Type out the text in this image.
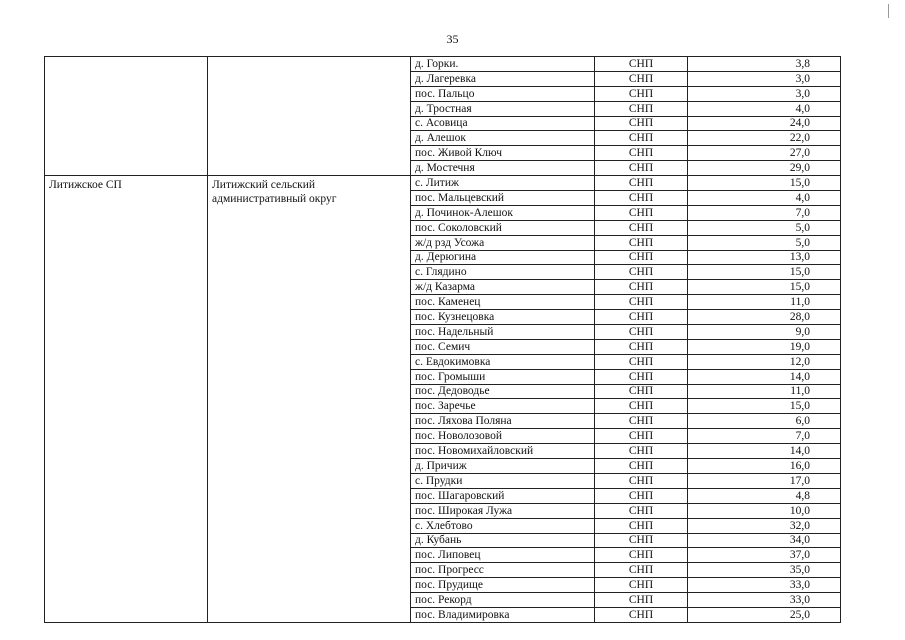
35
		д. Горки.	СНП	3,8
		д. Лагеревка	СНП	3,0
		пос. Пальцо	СНП	3,0
		д. Тростная	СНП	4,0
		с. Асовица	СНП	24,0
		д. Алешок	СНП	22,0
		пос. Живой Ключ	СНП	27,0
		д. Мостечня	СНП	29,0
Литижское СП	Литижский сельский административный округ	с. Литиж	СНП	15,0
		пос. Мальцевский	СНП	4,0
		д. Починок-Алешок	СНП	7,0
		пос. Соколовский	СНП	5,0
		ж/д рзд Усожа	СНП	5,0
		д. Дерюгина	СНП	13,0
		с. Глядино	СНП	15,0
		ж/д Казарма	СНП	15,0
		пос. Каменец	СНП	11,0
		пос. Кузнецовка	СНП	28,0
		пос. Надельный	СНП	9,0
		пос. Семич	СНП	19,0
		с. Евдокимовка	СНП	12,0
		пос. Громыши	СНП	14,0
		пос. Дедоводье	СНП	11,0
		пос. Заречье	СНП	15,0
		пос. Ляхова Поляна	СНП	6,0
		пос. Новолозовой	СНП	7,0
		пос. Новомихайловский	СНП	14,0
		д. Причиж	СНП	16,0
		с. Прудки	СНП	17,0
		пос. Шагаровский	СНП	4,8
		пос. Широкая Лужа	СНП	10,0
		с. Хлебтово	СНП	32,0
		д. Кубань	СНП	34,0
		пос. Липовец	СНП	37,0
		пос. Прогресс	СНП	35,0
		пос. Прудище	СНП	33,0
		пос. Рекорд	СНП	33,0
		пос. Владимировка	СНП	25,0
